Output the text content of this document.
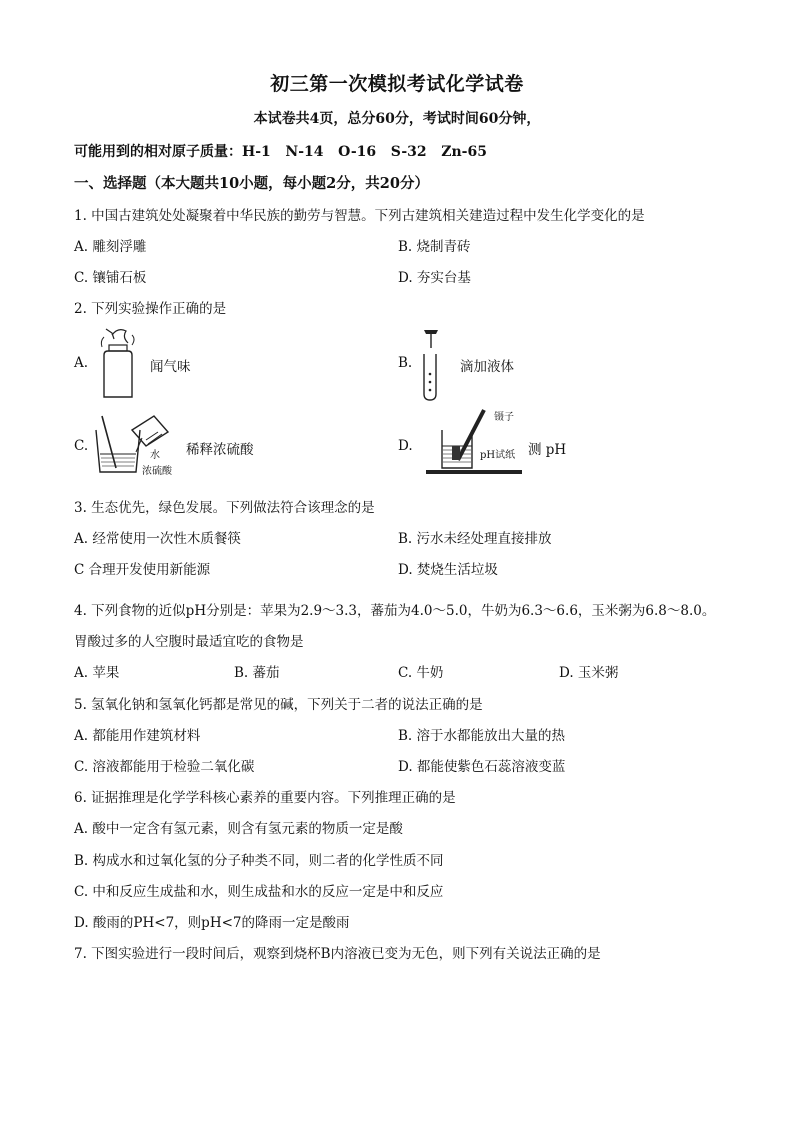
初三第一次模拟考试化学试卷
本试卷共4页，总分60分，考试时间60分钟，
可能用到的相对原子质量：H-1   N-14   O-16   S-32   Zn-65
一、选择题（本大题共10小题，每小题2分，共20分）
1. 中国古建筑处处凝聚着中华民族的勤劳与智慧。下列古建筑相关建造过程中发生化学变化的是
A. 雕刻浮雕	B. 烧制青砖
C. 镶铺石板	D. 夯实台基
2. 下列实验操作正确的是
A.	闻气味	B.	滴加液体
C.
水
浓硫酸
稀释浓硫酸	D.
镊子
pH试纸 测 pH
3. 生态优先，绿色发展。下列做法符合该理念的是
A. 经常使用一次性木质餐筷	B. 污水未经处理直接排放
C 合理开发使用新能源	D. 焚烧生活垃圾
4. 下列食物的近似pH分别是：苹果为2.9～3.3，蕃茄为4.0～5.0，牛奶为6.3～6.6，玉米粥为6.8～8.0。
胃酸过多的人空腹时最适宜吃的食物是
A. 苹果	B. 蕃茄	C. 牛奶	D. 玉米粥
5. 氢氧化钠和氢氧化钙都是常见的碱，下列关于二者的说法正确的是
A. 都能用作建筑材料	B. 溶于水都能放出大量的热
C. 溶液都能用于检验二氧化碳	D. 都能使紫色石蕊溶液变蓝
6. 证据推理是化学学科核心素养的重要内容。下列推理正确的是
A. 酸中一定含有氢元素，则含有氢元素的物质一定是酸
B. 构成水和过氧化氢的分子种类不同，则二者的化学性质不同
C. 中和反应生成盐和水，则生成盐和水的反应一定是中和反应
D. 酸雨的PH<7，则pH<7的降雨一定是酸雨
7. 下图实验进行一段时间后，观察到烧杯B内溶液已变为无色，则下列有关说法正确的是
